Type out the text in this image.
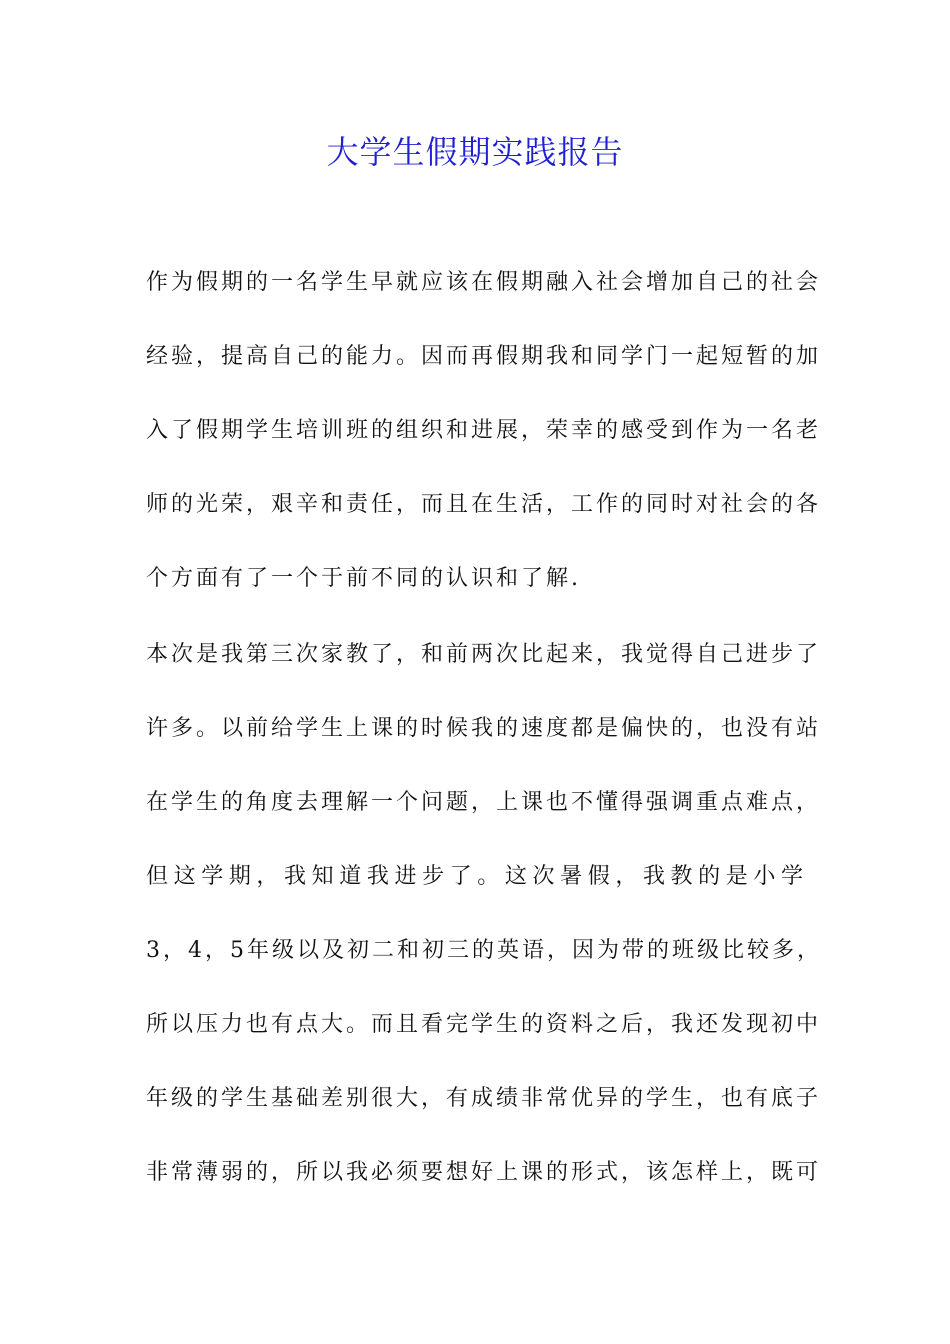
大学生假期实践报告
作为假期的一名学生早就应该在假期融入社会增加自己的社会
经验，提高自己的能力。因而再假期我和同学门一起短暂的加
入了假期学生培训班的组织和进展，荣幸的感受到作为一名老
师的光荣，艰辛和责任，而且在生活，工作的同时对社会的各
个方面有了一个于前不同的认识和了解.
本次是我第三次家教了，和前两次比起来，我觉得自己进步了
许多。以前给学生上课的时候我的速度都是偏快的，也没有站
在学生的角度去理解一个问题，上课也不懂得强调重点难点，
但这学期，我知道我进步了。这次暑假，我教的是小学
3，4，5年级以及初二和初三的英语，因为带的班级比较多，
所以压力也有点大。而且看完学生的资料之后，我还发现初中
年级的学生基础差别很大，有成绩非常优异的学生，也有底子
非常薄弱的，所以我必须要想好上课的形式，该怎样上，既可
